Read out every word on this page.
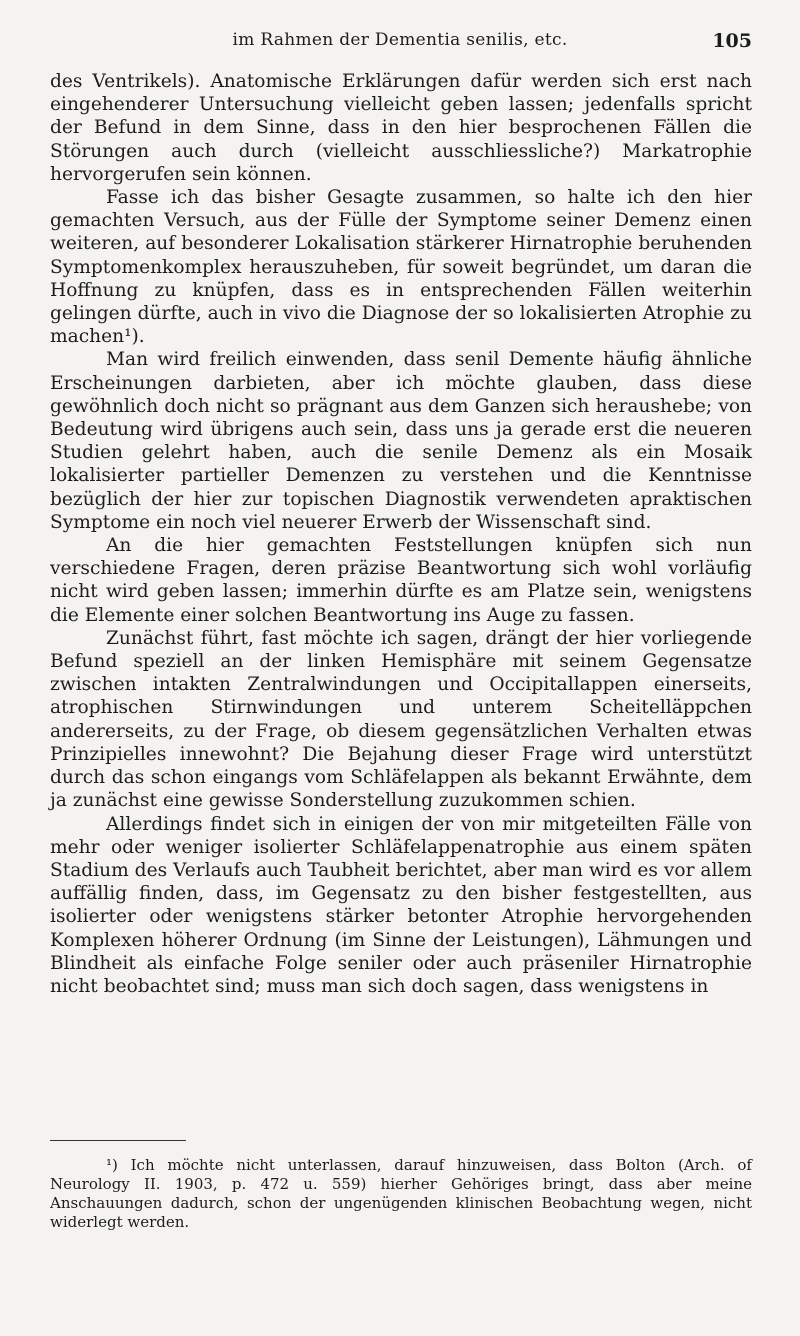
im Rahmen der Dementia senilis, etc.	105

des Ventrikels). Anatomische Erklärungen dafür werden sich erst nach eingehenderer Untersuchung vielleicht geben lassen; jedenfalls spricht der Befund in dem Sinne, dass in den hier besprochenen Fällen die Störungen auch durch (vielleicht ausschliessliche?) Markatrophie hervorgerufen sein können.

Fasse ich das bisher Gesagte zusammen, so halte ich den hier gemachten Versuch, aus der Fülle der Symptome seiner Demenz einen weiteren, auf besonderer Lokalisation stärkerer Hirnatrophie beruhenden Symptomenkomplex herauszuheben, für soweit begründet, um daran die Hoffnung zu knüpfen, dass es in entsprechenden Fällen weiterhin gelingen dürfte, auch in vivo die Diagnose der so lokalisierten Atrophie zu machen¹).

Man wird freilich einwenden, dass senil Demente häufig ähnliche Erscheinungen darbieten, aber ich möchte glauben, dass diese gewöhnlich doch nicht so prägnant aus dem Ganzen sich heraushebe; von Bedeutung wird übrigens auch sein, dass uns ja gerade erst die neueren Studien gelehrt haben, auch die senile Demenz als ein Mosaik lokalisierter partieller Demenzen zu verstehen und die Kenntnisse bezüglich der hier zur topischen Diagnostik verwendeten apraktischen Symptome ein noch viel neuerer Erwerb der Wissenschaft sind.

An die hier gemachten Feststellungen knüpfen sich nun verschiedene Fragen, deren präzise Beantwortung sich wohl vorläufig nicht wird geben lassen; immerhin dürfte es am Platze sein, wenigstens die Elemente einer solchen Beantwortung ins Auge zu fassen.

Zunächst führt, fast möchte ich sagen, drängt der hier vorliegende Befund speziell an der linken Hemisphäre mit seinem Gegensatze zwischen intakten Zentralwindungen und Occipitallappen einerseits, atrophischen Stirnwindungen und unterem Scheitelläppchen andererseits, zu der Frage, ob diesem gegensätzlichen Verhalten etwas Prinzipielles innewohnt? Die Bejahung dieser Frage wird unterstützt durch das schon eingangs vom Schläfelappen als bekannt Erwähnte, dem ja zunächst eine gewisse Sonderstellung zuzukommen schien.

Allerdings findet sich in einigen der von mir mitgeteilten Fälle von mehr oder weniger isolierter Schläfelappenatrophie aus einem späten Stadium des Verlaufs auch Taubheit berichtet, aber man wird es vor allem auffällig finden, dass, im Gegensatz zu den bisher festgestellten, aus isolierter oder wenigstens stärker betonter Atrophie hervorgehenden Komplexen höherer Ordnung (im Sinne der Leistungen), Lähmungen und Blindheit als einfache Folge seniler oder auch präseniler Hirnatrophie nicht beobachtet sind; muss man sich doch sagen, dass wenigstens in

¹) Ich möchte nicht unterlassen, darauf hinzuweisen, dass Bolton (Arch. of Neurology II. 1903, p. 472 u. 559) hierher Gehöriges bringt, dass aber meine Anschauungen dadurch, schon der ungenügenden klinischen Beobachtung wegen, nicht widerlegt werden.
